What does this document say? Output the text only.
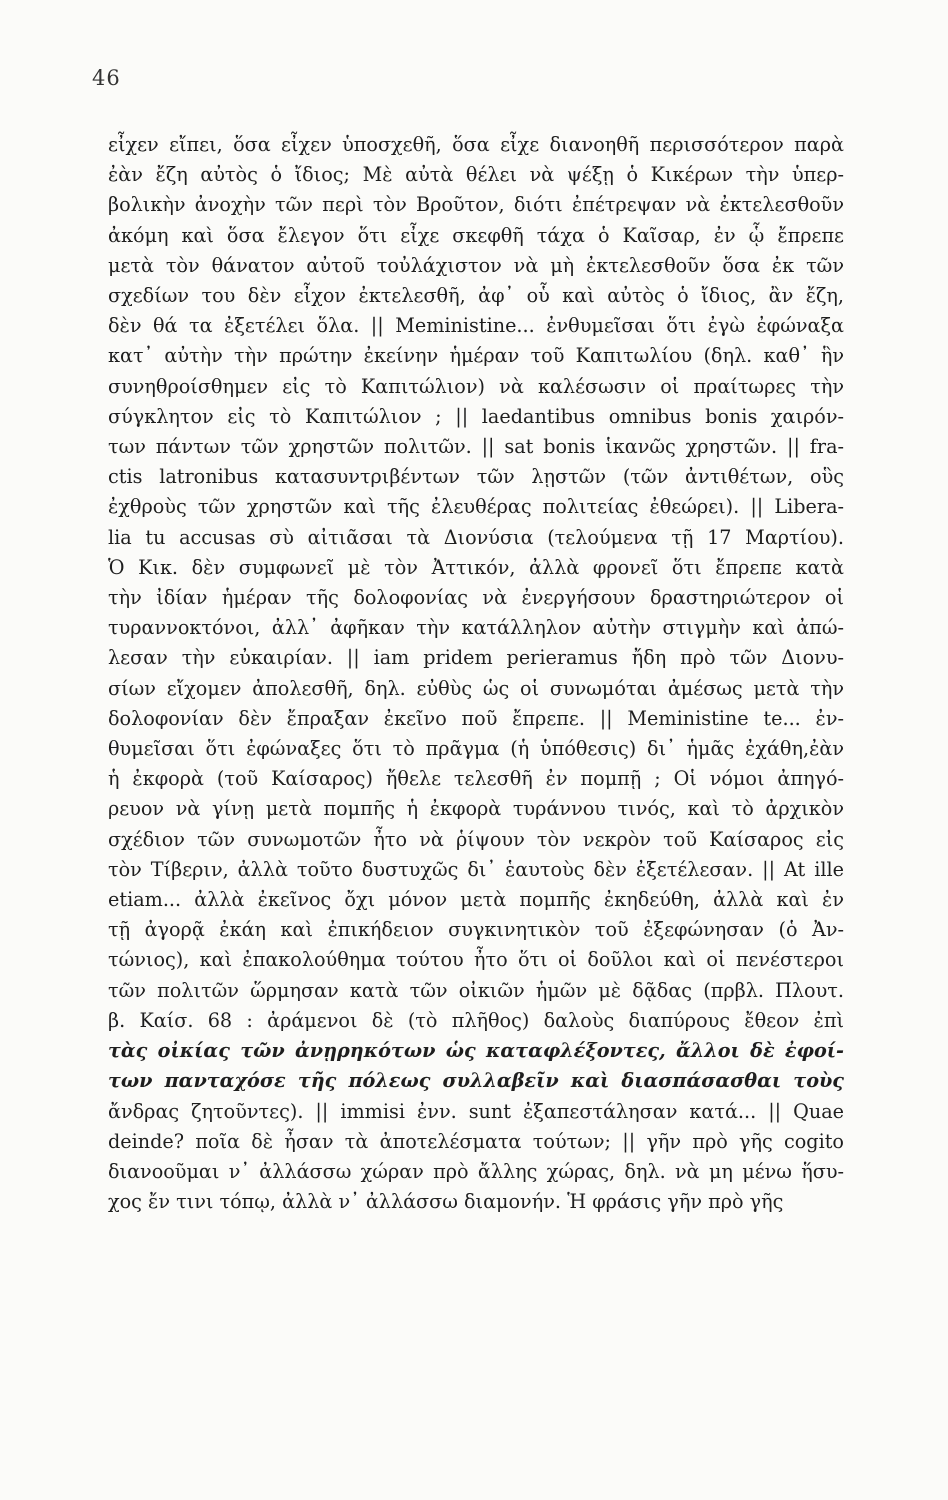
46
εἶχεν εἴπει, ὅσα εἶχεν ὑποσχεθῆ, ὅσα εἶχε διανοηθῆ περισσότερον παρὰ
ἐὰν ἔζη αὐτὸς ὁ ἴδιος; Μὲ αὐτὰ θέλει νὰ ψέξῃ ὁ Κικέρων τὴν ὑπερ-
βολικὴν ἀνοχὴν τῶν περὶ τὸν Βροῦτον, διότι ἐπέτρεψαν νὰ ἐκτελεσθοῦν
ἀκόμη καὶ ὅσα ἔλεγον ὅτι εἶχε σκεφθῆ τάχα ὁ Καῖσαρ, ἐν ᾧ ἔπρεπε
μετὰ τὸν θάνατον αὐτοῦ τοὐλάχιστον νὰ μὴ ἐκτελεσθοῦν ὅσα ἐκ τῶν
σχεδίων του δὲν εἶχον ἐκτελεσθῆ, ἀφ᾿ οὗ καὶ αὐτὸς ὁ ἴδιος, ἂν ἔζη,
δὲν θά τα ἐξετέλει ὅλα. || Meministine... ἐνθυμεῖσαι ὅτι ἐγὼ ἐφώναξα
κατ᾿ αὐτὴν τὴν πρώτην ἐκείνην ἡμέραν τοῦ Καπιτωλίου (δηλ. καθ᾿ ἣν
συνηθροίσθημεν εἰς τὸ Καπιτώλιον) νὰ καλέσωσιν οἱ πραίτωρες τὴν
σύγκλητον εἰς τὸ Καπιτώλιον ; || laedantibus omnibus bonis χαιρόν-
των πάντων τῶν χρηστῶν πολιτῶν. || sat bonis ἱκανῶς χρηστῶν. || fra-
ctis latronibus κατασυντριβέντων τῶν λῃστῶν (τῶν ἀντιθέτων, οὓς
ἐχθροὺς τῶν χρηστῶν καὶ τῆς ἐλευθέρας πολιτείας ἐθεώρει). || Libera-
lia tu accusas σὺ αἰτιᾶσαι τὰ Διονύσια (τελούμενα τῇ 17 Μαρτίου).
Ὁ Κικ. δὲν συμφωνεῖ μὲ τὸν Ἀττικόν, ἀλλὰ φρονεῖ ὅτι ἔπρεπε κατὰ
τὴν ἰδίαν ἡμέραν τῆς δολοφονίας νὰ ἐνεργήσουν δραστηριώτερον οἱ
τυραννοκτόνοι, ἀλλ᾿ ἀφῆκαν τὴν κατάλληλον αὐτὴν στιγμὴν καὶ ἀπώ-
λεσαν τὴν εὐκαιρίαν. || iam pridem perieramus ἤδη πρὸ τῶν Διονυ-
σίων εἴχομεν ἀπολεσθῆ, δηλ. εὐθὺς ὡς οἱ συνωμόται ἀμέσως μετὰ τὴν
δολοφονίαν δὲν ἔπραξαν ἐκεῖνο ποῦ ἔπρεπε. || Meministine te... ἐν-
θυμεῖσαι ὅτι ἐφώναξες ὅτι τὸ πρᾶγμα (ἡ ὑπόθεσις) δι᾿ ἡμᾶς ἐχάθη,ἐὰν
ἡ ἐκφορὰ (τοῦ Καίσαρος) ἤθελε τελεσθῆ ἐν πομπῇ ; Οἱ νόμοι ἀπηγό-
ρευον νὰ γίνῃ μετὰ πομπῆς ἡ ἐκφορὰ τυράννου τινός, καὶ τὸ ἀρχικὸν
σχέδιον τῶν συνωμοτῶν ἦτο νὰ ῥίψουν τὸν νεκρὸν τοῦ Καίσαρος εἰς
τὸν Τίβεριν, ἀλλὰ τοῦτο δυστυχῶς δι᾿ ἑαυτοὺς δὲν ἐξετέλεσαν. || At ille
etiam... ἀλλὰ ἐκεῖνος ὄχι μόνον μετὰ πομπῆς ἐκηδεύθη, ἀλλὰ καὶ ἐν
τῇ ἀγορᾷ ἐκάη καὶ ἐπικήδειον συγκινητικὸν τοῦ ἐξεφώνησαν (ὁ Ἀν-
τώνιος), καὶ ἐπακολούθημα τούτου ἦτο ὅτι οἱ δοῦλοι καὶ οἱ πενέστεροι
τῶν πολιτῶν ὥρμησαν κατὰ τῶν οἰκιῶν ἡμῶν μὲ δᾷδας (πρβλ. Πλουτ.
β. Καίσ. 68 : ἀράμενοι δὲ (τὸ πλῆθος) δαλοὺς διαπύρους ἔθεον ἐπὶ
τὰς οἰκίας τῶν ἀνῃρηκότων ὡς καταφλέξοντες, ἄλλοι δὲ ἐφοί-
των πανταχόσε τῆς πόλεως συλλαβεῖν καὶ διασπάσασθαι τοὺς
ἄνδρας ζητοῦντες). || immisi ἐνν. sunt ἐξαπεστάλησαν κατά... || Quae
deinde? ποῖα δὲ ἦσαν τὰ ἀποτελέσματα τούτων; || γῆν πρὸ γῆς cogito
διανοοῦμαι ν᾿ ἀλλάσσω χώραν πρὸ ἄλλης χώρας, δηλ. νὰ μη μένω ἥσυ-
χος ἔν τινι τόπῳ, ἀλλὰ ν᾿ ἀλλάσσω διαμονήν. Ἡ φράσις γῆν πρὸ γῆς
